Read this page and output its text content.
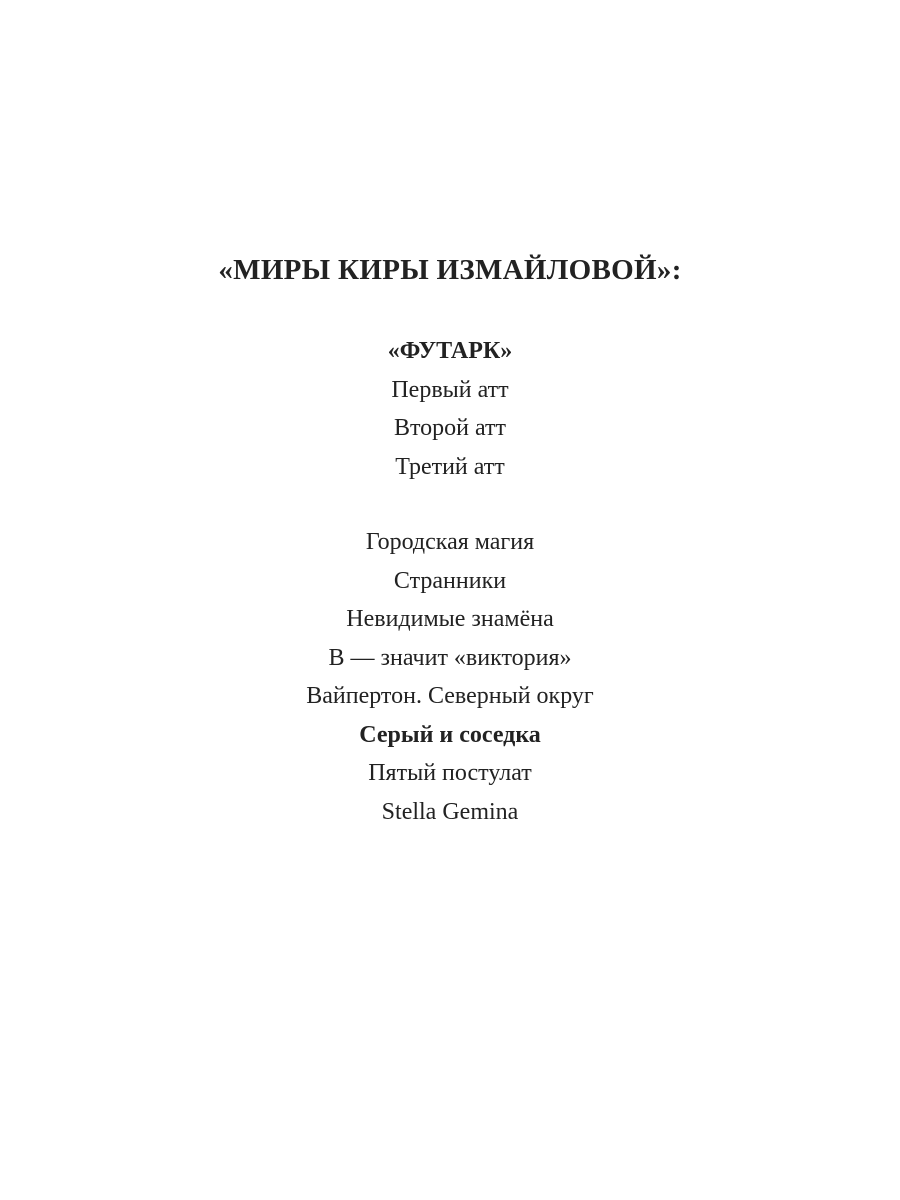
«МИРЫ КИРЫ ИЗМАЙЛОВОЙ»:
«ФУТАРК»
Первый атт
Второй атт
Третий атт
Городская магия
Странники
Невидимые знамёна
В — значит «виктория»
Вайпертон. Северный округ
Серый и соседка
Пятый постулат
Stella Gemina
